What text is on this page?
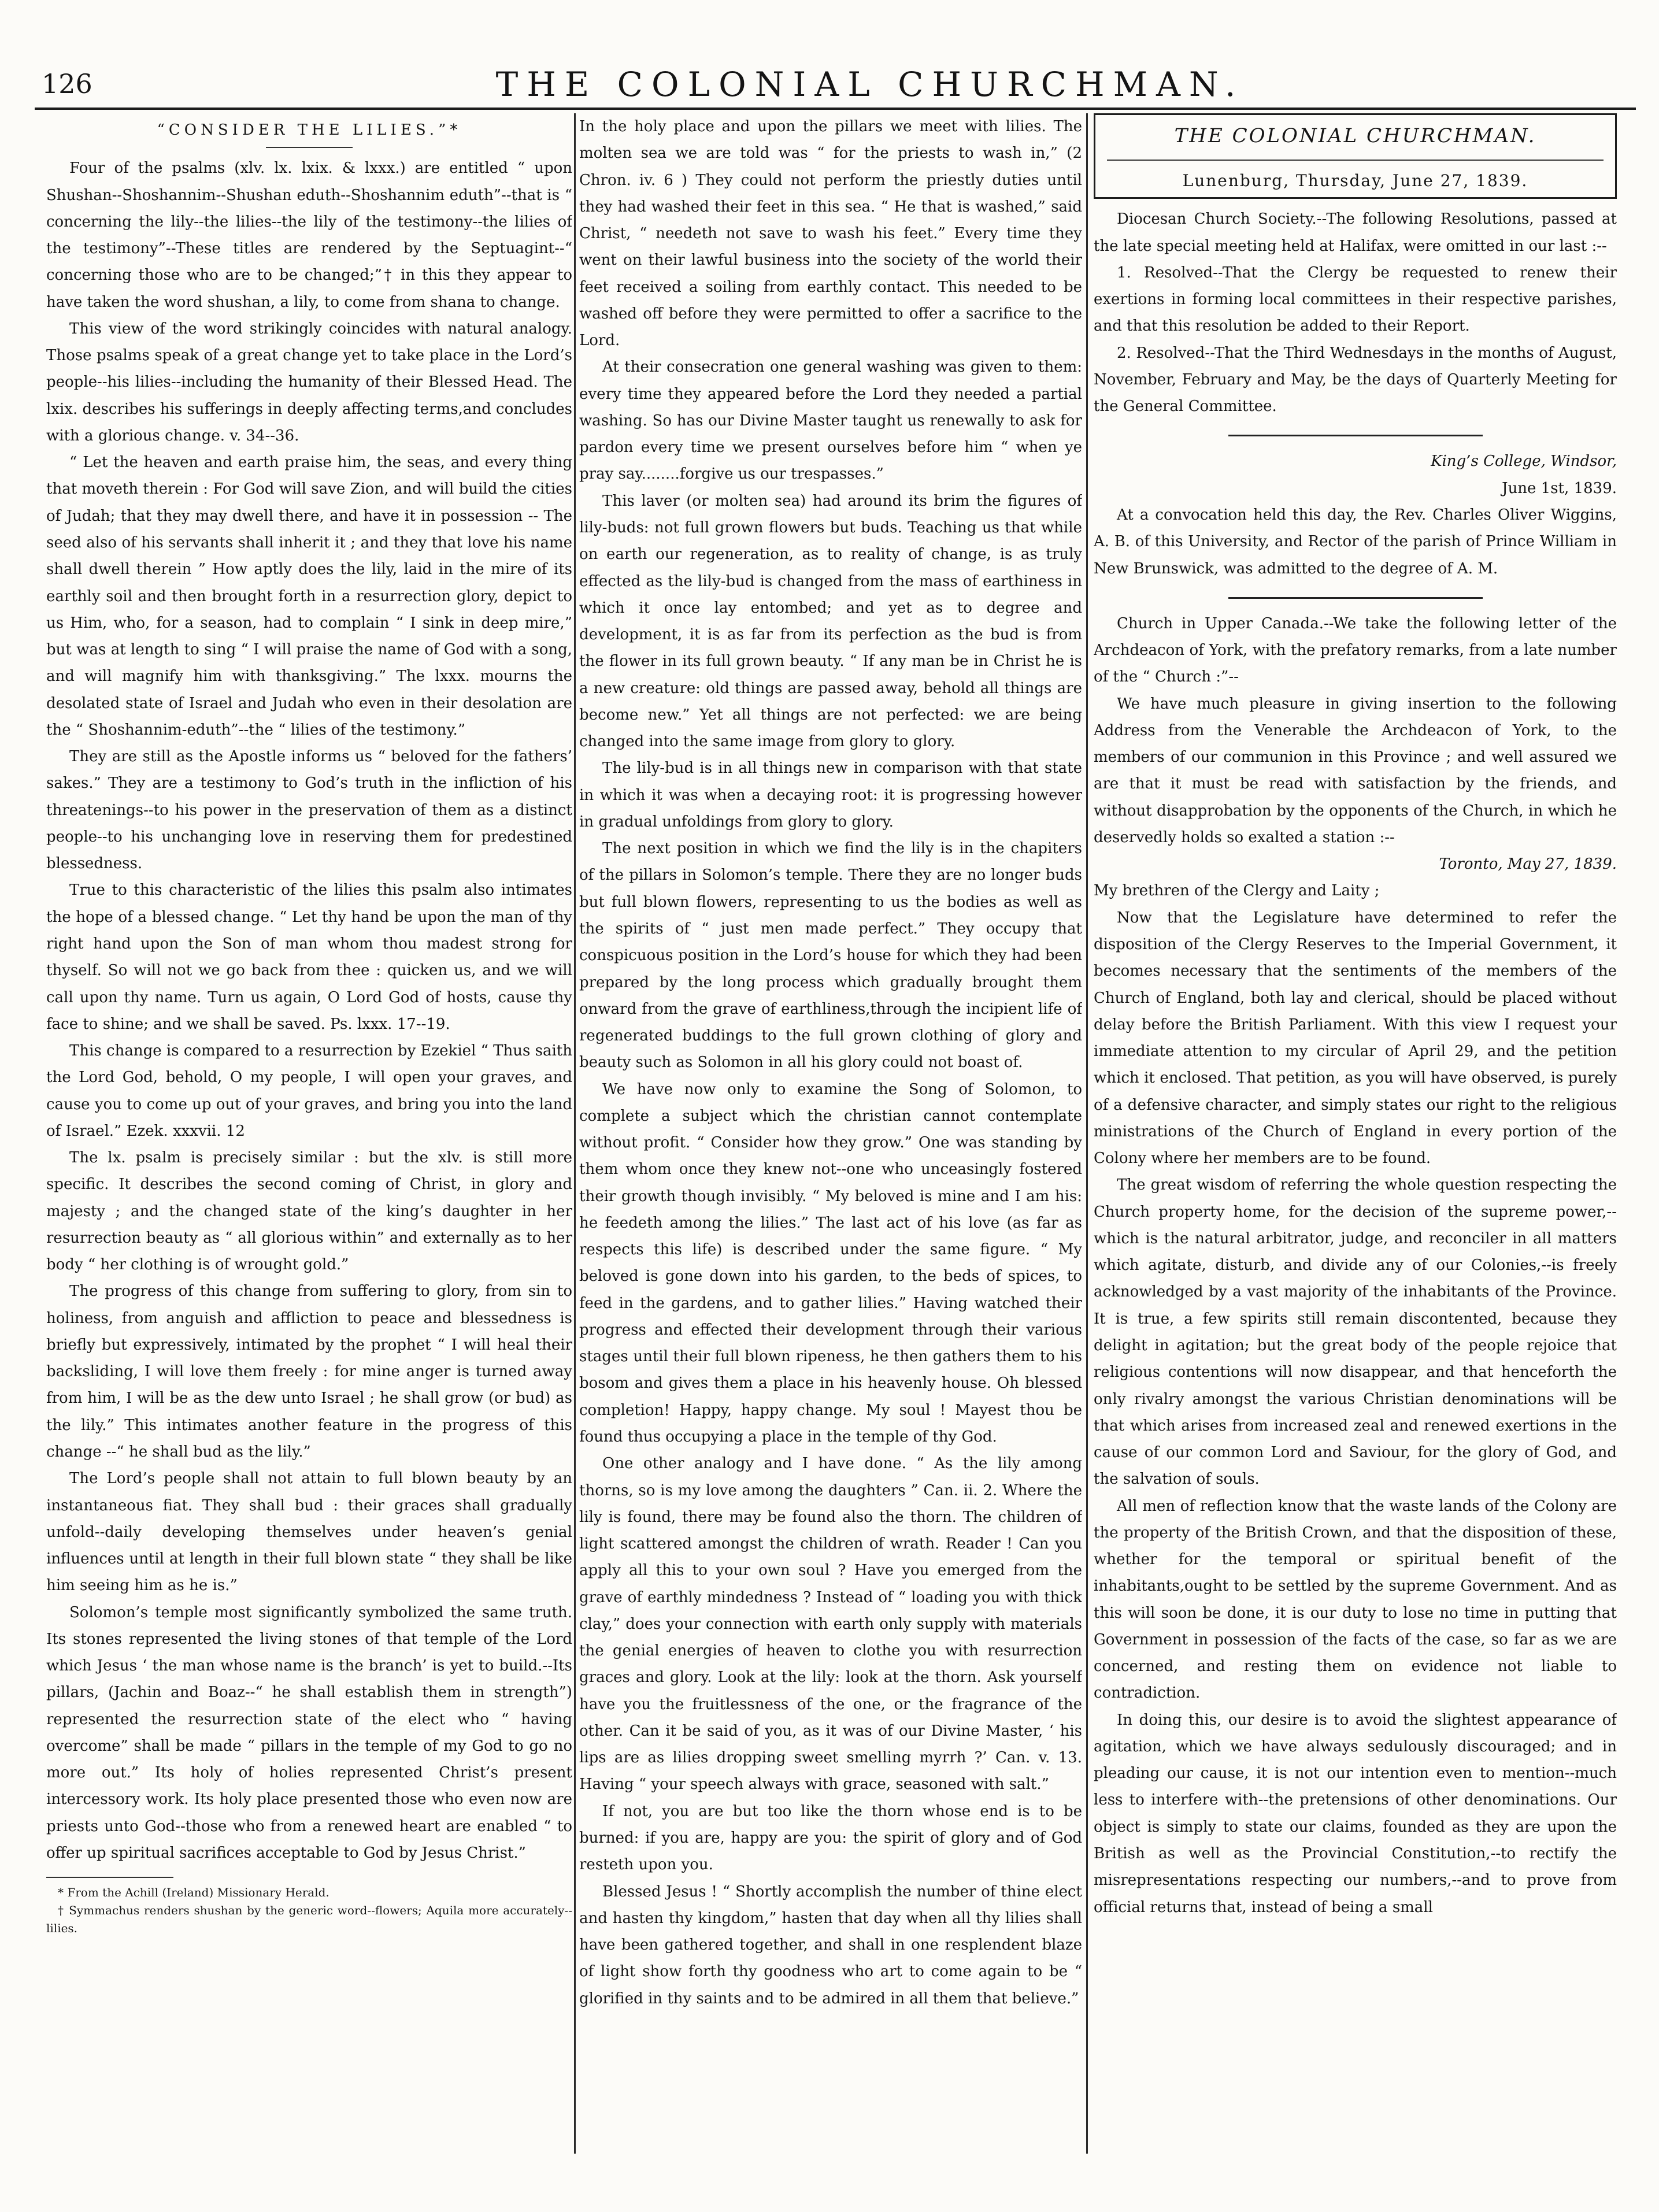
126	THE COLONIAL CHURCHMAN.
“CONSIDER THE LILIES.”*

Four of the psalms (xlv. lx. lxix. & lxxx.) are entitled “ upon Shushan--Shoshannim--Shushan eduth--Shoshannim eduth”--that is “ concerning the lily--the lilies--the lily of the testimony--the lilies of the testimony”--These titles are rendered by the Septuagint--“ concerning those who are to be changed;”† in this they appear to have taken the word shushan, a lily, to come from shana to change.

This view of the word strikingly coincides with natural analogy. Those psalms speak of a great change yet to take place in the Lord’s people--his lilies--including the humanity of their Blessed Head. The lxix. describes his sufferings in deeply affecting terms,and concludes with a glorious change. v. 34--36.

“ Let the heaven and earth praise him, the seas, and every thing that moveth therein : For God will save Zion, and will build the cities of Judah; that they may dwell there, and have it in possession -- The seed also of his servants shall inherit it ; and they that love his name shall dwell therein ” How aptly does the lily, laid in the mire of its earthly soil and then brought forth in a resurrection glory, depict to us Him, who, for a season, had to complain “ I sink in deep mire,” but was at length to sing “ I will praise the name of God with a song, and will magnify him with thanksgiving.” The lxxx. mourns the desolated state of Israel and Judah who even in their desolation are the “ Shoshannim-eduth”--the “ lilies of the testimony.”

They are still as the Apostle informs us “ beloved for the fathers’ sakes.” They are a testimony to God’s truth in the infliction of his threatenings--to his power in the preservation of them as a distinct people--to his unchanging love in reserving them for predestined blessedness.

True to this characteristic of the lilies this psalm also intimates the hope of a blessed change. “ Let thy hand be upon the man of thy right hand upon the Son of man whom thou madest strong for thyself. So will not we go back from thee : quicken us, and we will call upon thy name. Turn us again, O Lord God of hosts, cause thy face to shine; and we shall be saved. Ps. lxxx. 17--19.

This change is compared to a resurrection by Ezekiel “ Thus saith the Lord God, behold, O my people, I will open your graves, and cause you to come up out of your graves, and bring you into the land of Israel.” Ezek. xxxvii. 12

The lx. psalm is precisely similar : but the xlv. is still more specific. It describes the second coming of Christ, in glory and majesty ; and the changed state of the king’s daughter in her resurrection beauty as “ all glorious within” and externally as to her body “ her clothing is of wrought gold.”

The progress of this change from suffering to glory, from sin to holiness, from anguish and affliction to peace and blessedness is briefly but expressively, intimated by the prophet “ I will heal their backsliding, I will love them freely : for mine anger is turned away from him, I will be as the dew unto Israel ; he shall grow (or bud) as the lily.” This intimates another feature in the progress of this change --“ he shall bud as the lily.”

The Lord’s people shall not attain to full blown beauty by an instantaneous fiat. They shall bud : their graces shall gradually unfold--daily developing themselves under heaven’s genial influences until at length in their full blown state “ they shall be like him seeing him as he is.”

Solomon’s temple most significantly symbolized the same truth. Its stones represented the living stones of that temple of the Lord which Jesus ‘ the man whose name is the branch’ is yet to build.--Its pillars, (Jachin and Boaz--“ he shall establish them in strength”) represented the resurrection state of the elect who “ having overcome” shall be made “ pillars in the temple of my God to go no more out.” Its holy of holies represented Christ’s present intercessory work. Its holy place presented those who even now are priests unto God--those who from a renewed heart are enabled “ to offer up spiritual sacrifices acceptable to God by Jesus Christ.”

* From the Achill (Ireland) Missionary Herald.

† Symmachus renders shushan by the generic word--flowers; Aquila more accurately--lilies.

In the holy place and upon the pillars we meet with lilies. The molten sea we are told was “ for the priests to wash in,” (2 Chron. iv. 6 ) They could not perform the priestly duties until they had washed their feet in this sea. “ He that is washed,” said Christ, “ needeth not save to wash his feet.” Every time they went on their lawful business into the society of the world their feet received a soiling from earthly contact. This needed to be washed off before they were permitted to offer a sacrifice to the Lord.

At their consecration one general washing was given to them: every time they appeared before the Lord they needed a partial washing. So has our Divine Master taught us renewally to ask for pardon every time we present ourselves before him “ when ye pray say........forgive us our trespasses.”

This laver (or molten sea) had around its brim the figures of lily-buds: not full grown flowers but buds. Teaching us that while on earth our regeneration, as to reality of change, is as truly effected as the lily-bud is changed from the mass of earthiness in which it once lay entombed; and yet as to degree and development, it is as far from its perfection as the bud is from the flower in its full grown beauty. “ If any man be in Christ he is a new creature: old things are passed away, behold all things are become new.” Yet all things are not perfected: we are being changed into the same image from glory to glory.

The lily-bud is in all things new in comparison with that state in which it was when a decaying root: it is progressing however in gradual unfoldings from glory to glory.

The next position in which we find the lily is in the chapiters of the pillars in Solomon’s temple. There they are no longer buds but full blown flowers, representing to us the bodies as well as the spirits of “ just men made perfect.” They occupy that conspicuous position in the Lord’s house for which they had been prepared by the long process which gradually brought them onward from the grave of earthliness,through the incipient life of regenerated buddings to the full grown clothing of glory and beauty such as Solomon in all his glory could not boast of.

We have now only to examine the Song of Solomon, to complete a subject which the christian cannot contemplate without profit. “ Consider how they grow.” One was standing by them whom once they knew not--one who unceasingly fostered their growth though invisibly. “ My beloved is mine and I am his: he feedeth among the lilies.” The last act of his love (as far as respects this life) is described under the same figure. “ My beloved is gone down into his garden, to the beds of spices, to feed in the gardens, and to gather lilies.” Having watched their progress and effected their development through their various stages until their full blown ripeness, he then gathers them to his bosom and gives them a place in his heavenly house. Oh blessed completion! Happy, happy change. My soul ! Mayest thou be found thus occupying a place in the temple of thy God.

One other analogy and I have done. “ As the lily among thorns, so is my love among the daughters ” Can. ii. 2. Where the lily is found, there may be found also the thorn. The children of light scattered amongst the children of wrath. Reader ! Can you apply all this to your own soul ? Have you emerged from the grave of earthly mindedness ? Instead of “ loading you with thick clay,” does your connection with earth only supply with materials the genial energies of heaven to clothe you with resurrection graces and glory. Look at the lily: look at the thorn. Ask yourself have you the fruitlessness of the one, or the fragrance of the other. Can it be said of you, as it was of our Divine Master, ‘ his lips are as lilies dropping sweet smelling myrrh ?’ Can. v. 13. Having “ your speech always with grace, seasoned with salt.”

If not, you are but too like the thorn whose end is to be burned: if you are, happy are you: the spirit of glory and of God resteth upon you.

Blessed Jesus ! “ Shortly accomplish the number of thine elect and hasten thy kingdom,” hasten that day when all thy lilies shall have been gathered together, and shall in one resplendent blaze of light show forth thy goodness who art to come again to be “ glorified in thy saints and to be admired in all them that believe.”

THE COLONIAL CHURCHMAN.
Lunenburg, Thursday, June 27, 1839.

Diocesan Church Society.--The following Resolutions, passed at the late special meeting held at Halifax, were omitted in our last :--

1. Resolved--That the Clergy be requested to renew their exertions in forming local committees in their respective parishes, and that this resolution be added to their Report.

2. Resolved--That the Third Wednesdays in the months of August, November, February and May, be the days of Quarterly Meeting for the General Committee.

King’s College, Windsor,

June 1st, 1839.

At a convocation held this day, the Rev. Charles Oliver Wiggins, A. B. of this University, and Rector of the parish of Prince William in New Brunswick, was admitted to the degree of A. M.

Church in Upper Canada.--We take the following letter of the Archdeacon of York, with the prefatory remarks, from a late number of the “ Church :”--

We have much pleasure in giving insertion to the following Address from the Venerable the Archdeacon of York, to the members of our communion in this Province ; and well assured we are that it must be read with satisfaction by the friends, and without disapprobation by the opponents of the Church, in which he deservedly holds so exalted a station :--

Toronto, May 27, 1839.

My brethren of the Clergy and Laity ;

Now that the Legislature have determined to refer the disposition of the Clergy Reserves to the Imperial Government, it becomes necessary that the sentiments of the members of the Church of England, both lay and clerical, should be placed without delay before the British Parliament. With this view I request your immediate attention to my circular of April 29, and the petition which it enclosed. That petition, as you will have observed, is purely of a defensive character, and simply states our right to the religious ministrations of the Church of England in every portion of the Colony where her members are to be found.

The great wisdom of referring the whole question respecting the Church property home, for the decision of the supreme power,--which is the natural arbitrator, judge, and reconciler in all matters which agitate, disturb, and divide any of our Colonies,--is freely acknowledged by a vast majority of the inhabitants of the Province. It is true, a few spirits still remain discontented, because they delight in agitation; but the great body of the people rejoice that religious contentions will now disappear, and that henceforth the only rivalry amongst the various Christian denominations will be that which arises from increased zeal and renewed exertions in the cause of our common Lord and Saviour, for the glory of God, and the salvation of souls.

All men of reflection know that the waste lands of the Colony are the property of the British Crown, and that the disposition of these, whether for the temporal or spiritual benefit of the inhabitants,ought to be settled by the supreme Government. And as this will soon be done, it is our duty to lose no time in putting that Government in possession of the facts of the case, so far as we are concerned, and resting them on evidence not liable to contradiction.

In doing this, our desire is to avoid the slightest appearance of agitation, which we have always sedulously discouraged; and in pleading our cause, it is not our intention even to mention--much less to interfere with--the pretensions of other denominations. Our object is simply to state our claims, founded as they are upon the British as well as the Provincial Constitution,--to rectify the misrepresentations respecting our numbers,--and to prove from official returns that, instead of being a small
